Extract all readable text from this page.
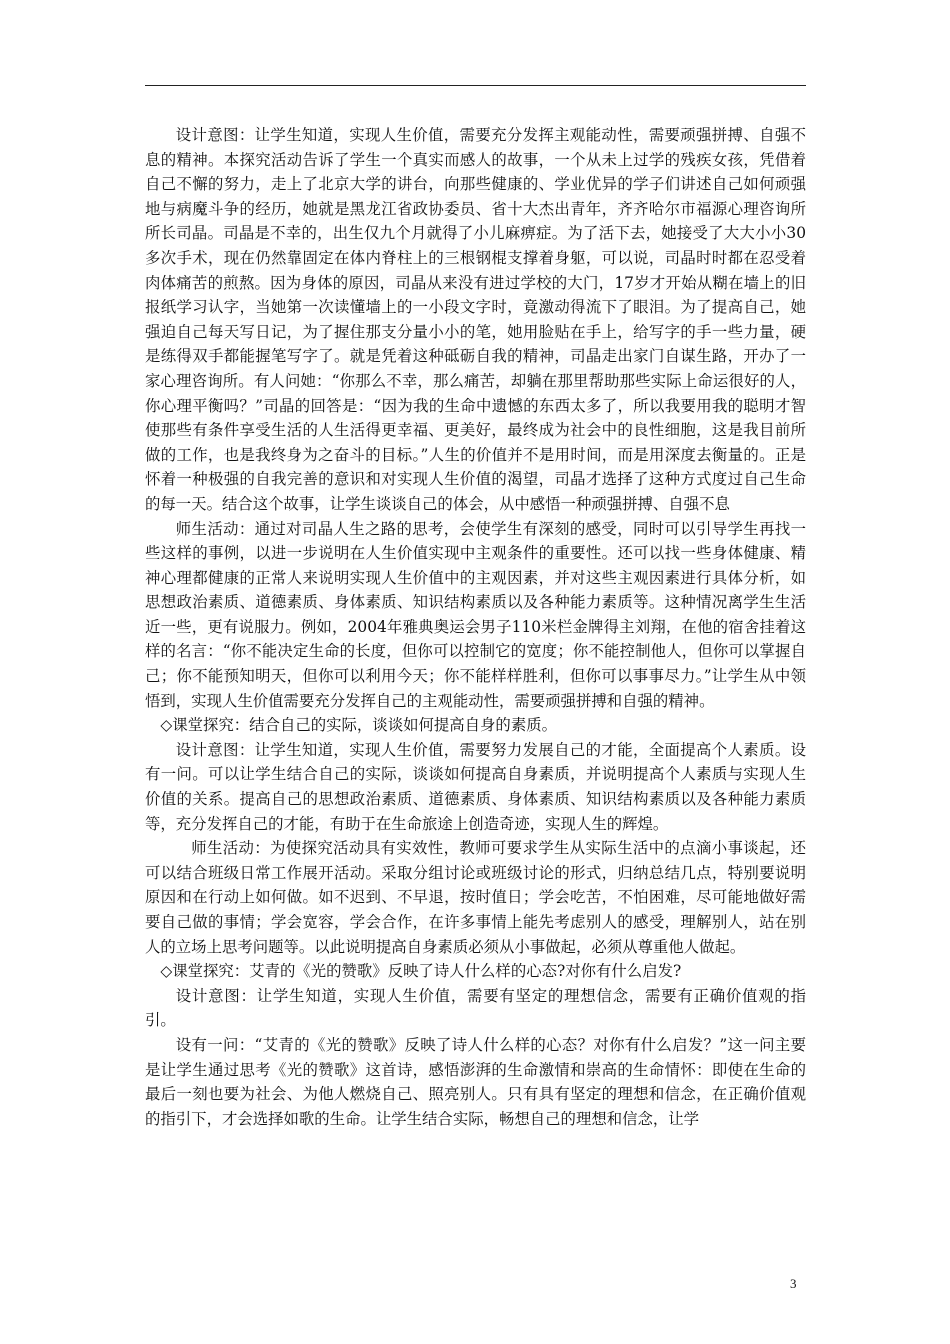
设计意图：让学生知道，实现人生价值，需要充分发挥主观能动性，需要顽强拼搏、自强不息的精神。本探究活动告诉了学生一个真实而感人的故事，一个从未上过学的残疾女孩，凭借着自己不懈的努力，走上了北京大学的讲台，向那些健康的、学业优异的学子们讲述自己如何顽强地与病魔斗争的经历，她就是黑龙江省政协委员、省十大杰出青年，齐齐哈尔市福源心理咨询所所长司晶。司晶是不幸的，出生仅九个月就得了小儿麻痹症。为了活下去，她接受了大大小小30多次手术，现在仍然靠固定在体内脊柱上的三根钢棍支撑着身躯，可以说，司晶时时都在忍受着肉体痛苦的煎熬。因为身体的原因，司晶从来没有进过学校的大门，17岁才开始从糊在墙上的旧报纸学习认字，当她第一次读懂墙上的一小段文字时，竟激动得流下了眼泪。为了提高自己，她强迫自己每天写日记，为了握住那支分量小小的笔，她用脸贴在手上，给写字的手一些力量，硬是练得双手都能握笔写字了。就是凭着这种砥砺自我的精神，司晶走出家门自谋生路，开办了一家心理咨询所。有人问她：“你那么不幸，那么痛苦，却躺在那里帮助那些实际上命运很好的人，你心理平衡吗？”司晶的回答是：“因为我的生命中遗憾的东西太多了，所以我要用我的聪明才智使那些有条件享受生活的人生活得更幸福、更美好，最终成为社会中的良性细胞，这是我目前所做的工作，也是我终身为之奋斗的目标。”人生的价值并不是用时间，而是用深度去衡量的。正是怀着一种极强的自我完善的意识和对实现人生价值的渴望，司晶才选择了这种方式度过自己生命的每一天。结合这个故事，让学生谈谈自己的体会，从中感悟一种顽强拼搏、自强不息

师生活动：通过对司晶人生之路的思考，会使学生有深刻的感受，同时可以引导学生再找一些这样的事例，以进一步说明在人生价值实现中主观条件的重要性。还可以找一些身体健康、精神心理都健康的正常人来说明实现人生价值中的主观因素，并对这些主观因素进行具体分析，如思想政治素质、道德素质、身体素质、知识结构素质以及各种能力素质等。这种情况离学生生活近一些，更有说服力。例如，2004年雅典奥运会男子110米栏金牌得主刘翔，在他的宿舍挂着这样的名言：“你不能决定生命的长度，但你可以控制它的宽度；你不能控制他人，但你可以掌握自己；你不能预知明天，但你可以利用今天；你不能样样胜利，但你可以事事尽力。”让学生从中领悟到，实现人生价值需要充分发挥自己的主观能动性，需要顽强拼搏和自强的精神。

◇课堂探究：结合自己的实际，谈谈如何提高自身的素质。

设计意图：让学生知道，实现人生价值，需要努力发展自己的才能，全面提高个人素质。设有一问。可以让学生结合自己的实际，谈谈如何提高自身素质，并说明提高个人素质与实现人生价值的关系。提高自己的思想政治素质、道德素质、身体素质、知识结构素质以及各种能力素质等，充分发挥自己的才能，有助于在生命旅途上创造奇迹，实现人生的辉煌。

师生活动：为使探究活动具有实效性，教师可要求学生从实际生活中的点滴小事谈起，还可以结合班级日常工作展开活动。采取分组讨论或班级讨论的形式，归纳总结几点，特别要说明原因和在行动上如何做。如不迟到、不早退，按时值日；学会吃苦，不怕困难，尽可能地做好需要自己做的事情；学会宽容，学会合作，在许多事情上能先考虑别人的感受，理解别人，站在别人的立场上思考问题等。以此说明提高自身素质必须从小事做起，必须从尊重他人做起。

◇课堂探究：艾青的《光的赞歌》反映了诗人什么样的心态?对你有什么启发?

设计意图：让学生知道，实现人生价值，需要有坚定的理想信念，需要有正确价值观的指引。

设有一问：“艾青的《光的赞歌》反映了诗人什么样的心态？对你有什么启发？”这一问主要是让学生通过思考《光的赞歌》这首诗，感悟澎湃的生命激情和崇高的生命情怀：即使在生命的最后一刻也要为社会、为他人燃烧自己、照亮别人。只有具有坚定的理想和信念，在正确价值观的指引下，才会选择如歌的生命。让学生结合实际，畅想自己的理想和信念，让学

3
